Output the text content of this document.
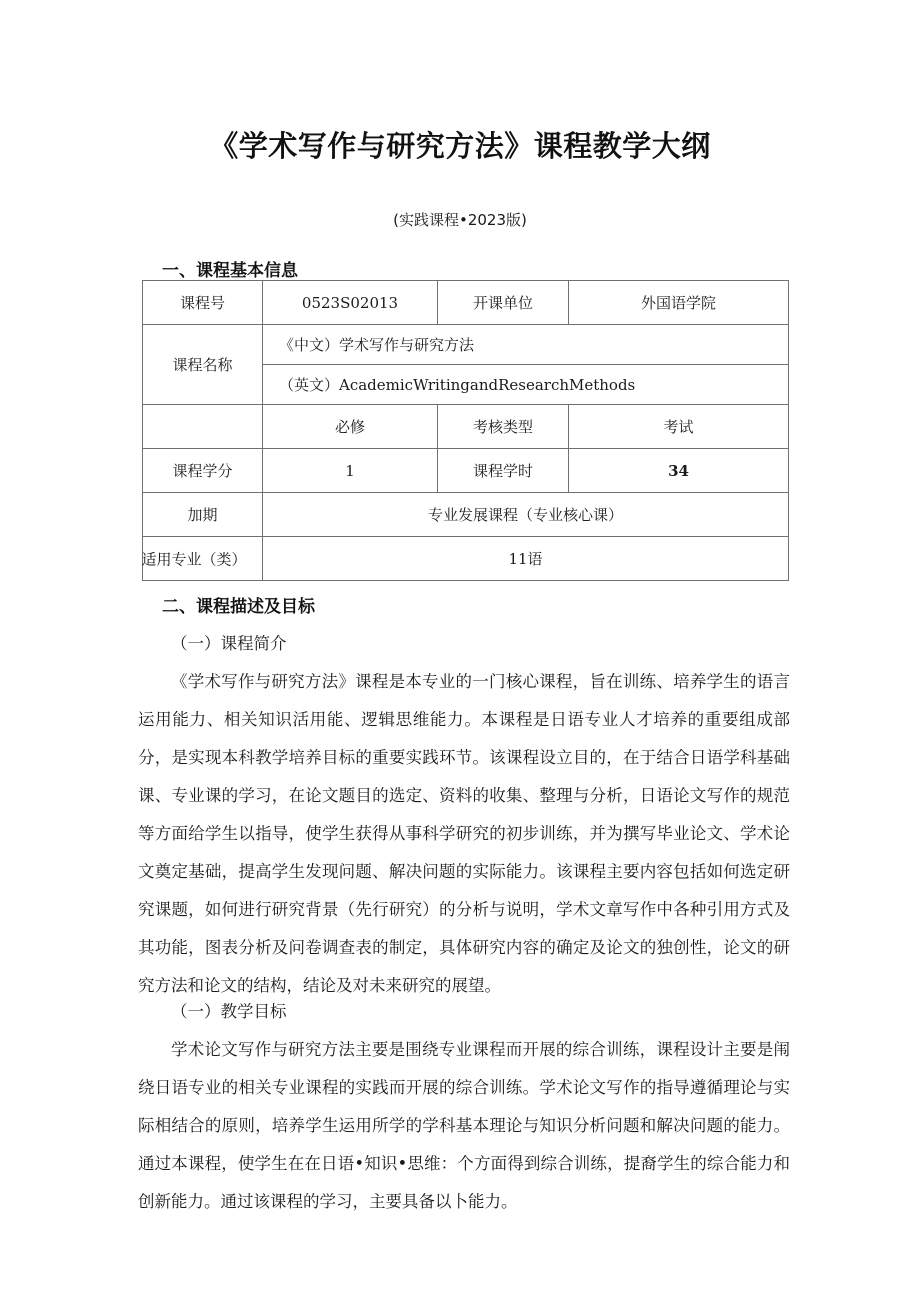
《学术写作与研究方法》课程教学大纲
(实践课程•2023版)
一、课程基本信息
课程号	0523S02013	开课单位	外国语学院
课程名称	《中文）学术写作与研究方法		
	（英文）AcademicWritingandResearchMethods		
	必修	考核类型	考试
课程学分	1	课程学时	34
加期	专业发展课程（专业核心课）		

适用专业（类）	11语		
二、课程描述及目标
（一）课程简介
《学术写作与研究方法》课程是本专业的一门核心课程，旨在训练、培养学生的语言运用能力、相关知识活用能、逻辑思维能力。本课程是日语专业人才培养的重要组成部分，是实现本科教学培养目标的重要实践环节。该课程设立目的，在于结合日语学科基础课、专业课的学习，在论文题目的选定、资料的收集、整理与分析，日语论文写作的规范等方面给学生以指导，使学生获得从事科学研究的初步训练，并为撰写毕业论文、学术论文奠定基础，提高学生发现问题、解决问题的实际能力。该课程主要内容包括如何选定研究课题，如何进行研究背景（先行研究）的分析与说明，学术文章写作中各种引用方式及其功能，图表分析及问卷调查表的制定，具体研究内容的确定及论文的独创性，论文的研究方法和论文的结构，结论及对未来研究的展望。
（一）教学目标
学术论文写作与研究方法主要是围绕专业课程而开展的综合训练，课程设计主要是闱绕日语专业的相关专业课程的实践而开展的综合训练。学术论文写作的指导遵循理论与实际相结合的原则，培养学生运用所学的学科基本理论与知识分析问题和解决问题的能力。通过本课程，使学生在在日语•知识•思维：个方面得到综合训练，提裔学生的综合能力和创新能力。通过该课程的学习，主要具备以卜能力。
